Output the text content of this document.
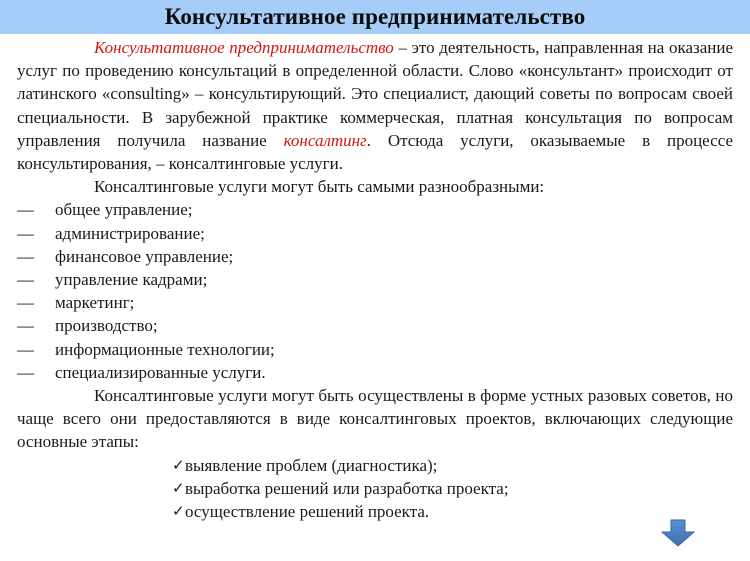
Консультативное предпринимательство

Консультативное предпринимательство – это деятельность, направленная на оказание услуг по проведению консультаций в определенной области. Слово «консультант» происходит от латинского «consulting» – консультирующий. Это специалист, дающий советы по вопросам своей специальности. В зарубежной практике коммерческая, платная консультация по вопросам управления получила название консалтинг. Отсюда услуги, оказываемые в процессе консультирования, – консалтинговые услуги.

Консалтинговые услуги могут быть самыми разнообразными:

—	общее управление;
—	администрирование;
—	финансовое управление;
—	управление кадрами;
—	маркетинг;
—	производство;
—	информационные технологии;
—	специализированные услуги.

Консалтинговые услуги могут быть осуществлены в форме устных разовых советов, но чаще всего они предоставляются в виде консалтинговых проектов, включающих следующие основные этапы:

✓ выявление проблем (диагностика);
✓ выработка решений или разработка проекта;
✓ осуществление решений проекта.
